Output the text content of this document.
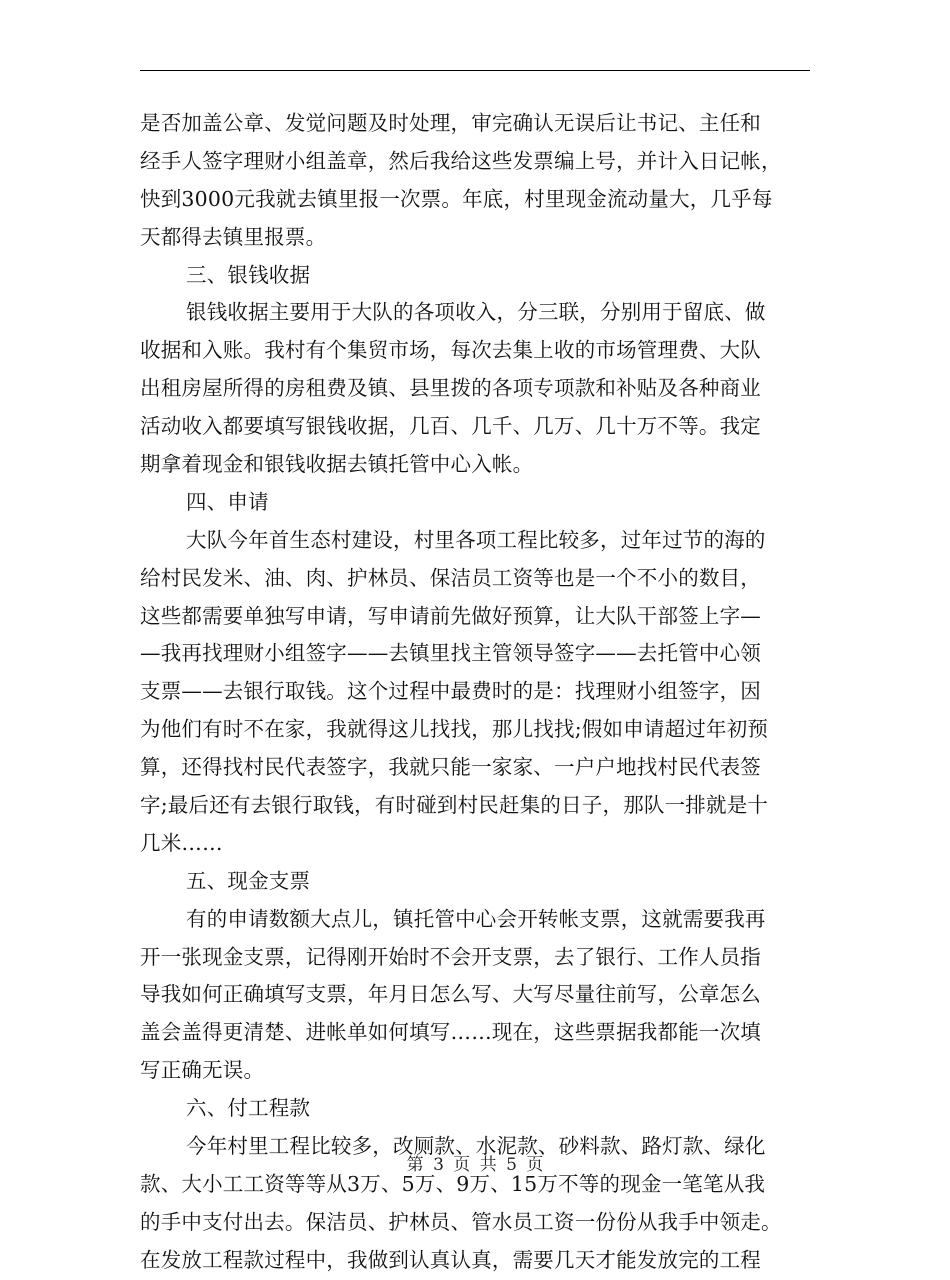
是否加盖公章、发觉问题及时处理，审完确认无误后让书记、主任和
经手人签字理财小组盖章，然后我给这些发票编上号，并计入日记帐，
快到3000元我就去镇里报一次票。年底，村里现金流动量大，几乎每
天都得去镇里报票。
三、银钱收据
银钱收据主要用于大队的各项收入，分三联，分别用于留底、做
收据和入账。我村有个集贸市场，每次去集上收的市场管理费、大队
出租房屋所得的房租费及镇、县里拨的各项专项款和补贴及各种商业
活动收入都要填写银钱收据，几百、几千、几万、几十万不等。我定
期拿着现金和银钱收据去镇托管中心入帐。
四、申请
大队今年首生态村建设，村里各项工程比较多，过年过节的海的
给村民发米、油、肉、护林员、保洁员工资等也是一个不小的数目，
这些都需要单独写申请，写申请前先做好预算，让大队干部签上字—
—我再找理财小组签字——去镇里找主管领导签字——去托管中心领
支票——去银行取钱。这个过程中最费时的是：找理财小组签字，因
为他们有时不在家，我就得这儿找找，那儿找找;假如申请超过年初预
算，还得找村民代表签字，我就只能一家家、一户户地找村民代表签
字;最后还有去银行取钱，有时碰到村民赶集的日子，那队一排就是十
几米……
五、现金支票
有的申请数额大点儿，镇托管中心会开转帐支票，这就需要我再
开一张现金支票，记得刚开始时不会开支票，去了银行、工作人员指
导我如何正确填写支票，年月日怎么写、大写尽量往前写，公章怎么
盖会盖得更清楚、进帐单如何填写……现在，这些票据我都能一次填
写正确无误。
六、付工程款
今年村里工程比较多，改厕款、水泥款、砂料款、路灯款、绿化
款、大小工工资等等从3万、5万、9万、15万不等的现金一笔笔从我
的手中支付出去。保洁员、护林员、管水员工资一份份从我手中领走。
在发放工程款过程中，我做到认真认真，需要几天才能发放完的工程
第 3 页 共 5 页
